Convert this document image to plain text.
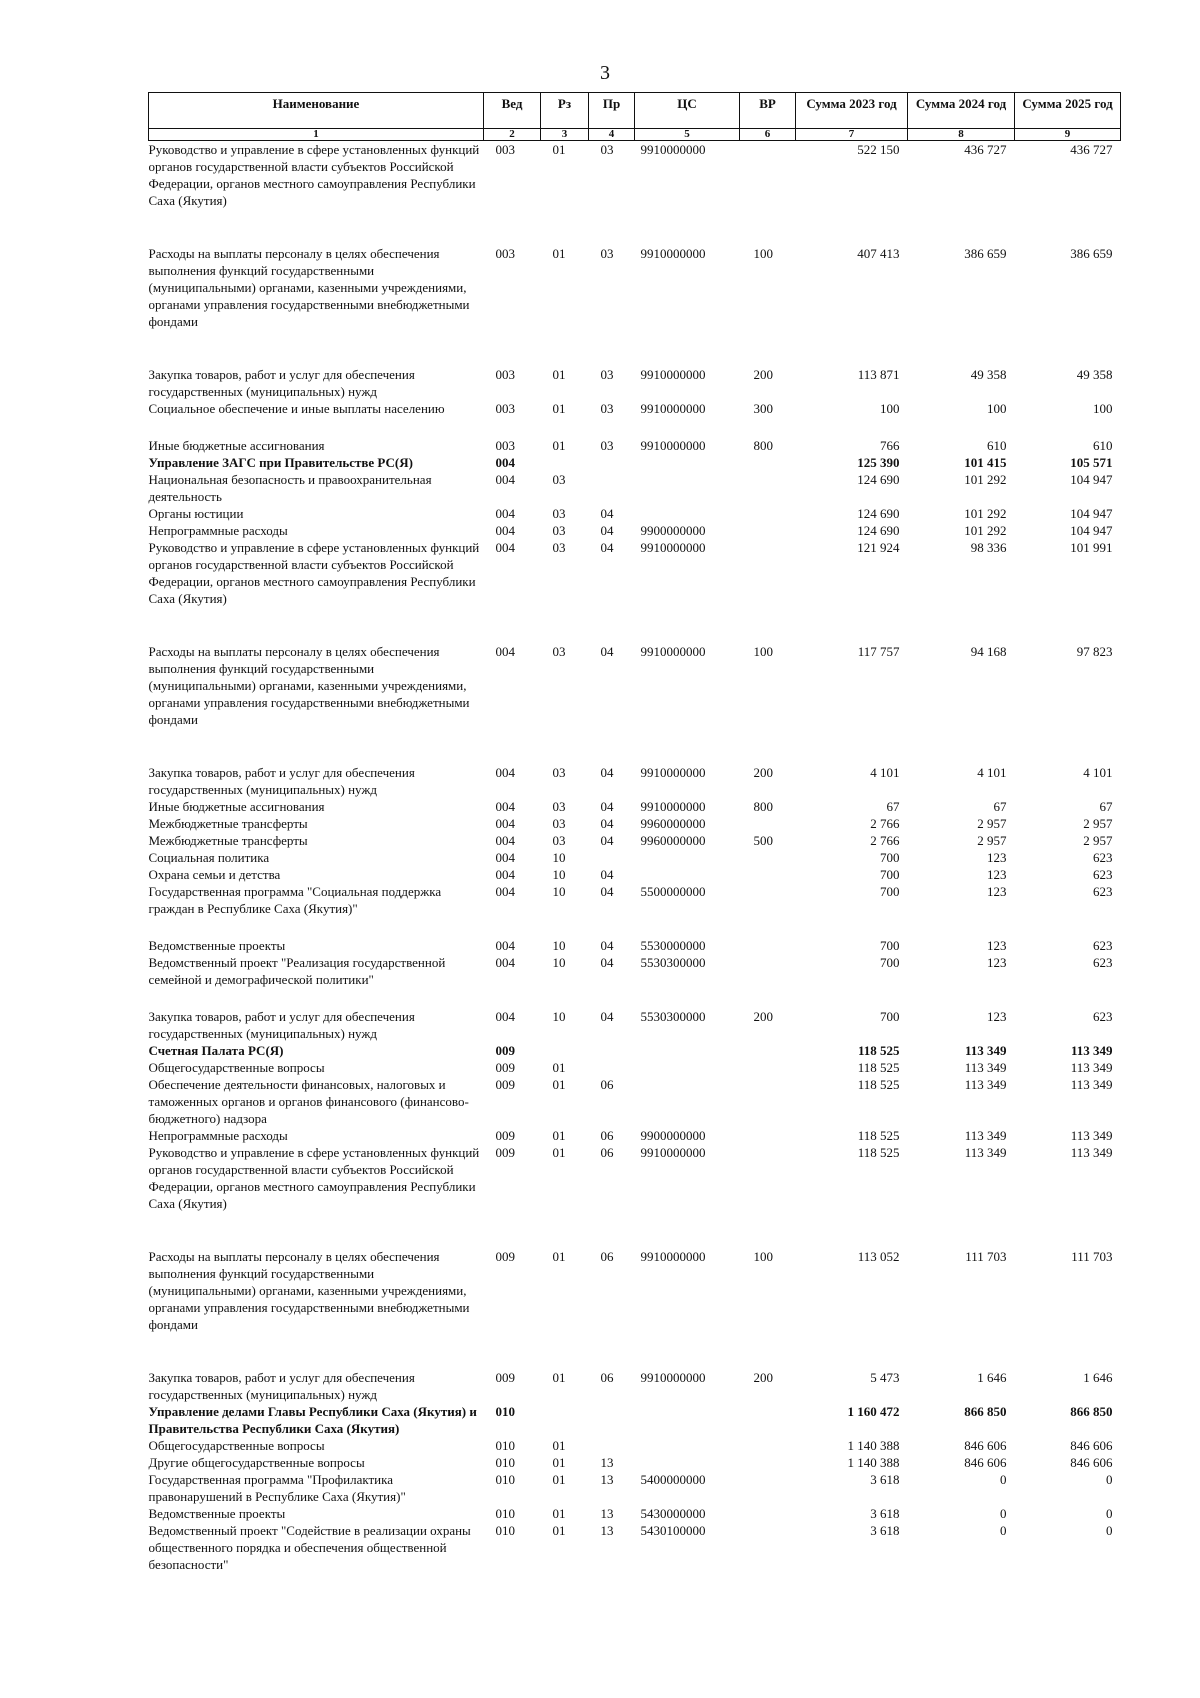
3
Наименование	Вед	Рз	Пр	ЦС	ВР	Сумма 2023 год	Сумма 2024 год	Сумма 2025 год
1	2	3	4	5	6	7	8	9
Руководство и управление в сфере установленных функций органов государственной власти субъектов Российской Федерации, органов местного самоуправления Республики Саха (Якутия)	003	01	03	9910000000		522 150	436 727	436 727
Расходы на выплаты персоналу в целях обеспечения выполнения функций государственными (муниципальными) органами, казенными учреждениями, органами управления государственными внебюджетными фондами	003	01	03	9910000000	100	407 413	386 659	386 659
Закупка товаров, работ и услуг для обеспечения государственных (муниципальных) нужд	003	01	03	9910000000	200	113 871	49 358	49 358
Социальное обеспечение и иные выплаты населению	003	01	03	9910000000	300	100	100	100
Иные бюджетные ассигнования	003	01	03	9910000000	800	766	610	610
Управление ЗАГС при Правительстве РС(Я)	004					125 390	101 415	105 571
Национальная безопасность и правоохранительная деятельность	004	03				124 690	101 292	104 947
Органы юстиции	004	03	04			124 690	101 292	104 947
Непрограммные расходы	004	03	04	9900000000		124 690	101 292	104 947
Руководство и управление в сфере установленных функций органов государственной власти субъектов Российской Федерации, органов местного самоуправления Республики Саха (Якутия)	004	03	04	9910000000		121 924	98 336	101 991
Расходы на выплаты персоналу в целях обеспечения выполнения функций государственными (муниципальными) органами, казенными учреждениями, органами управления государственными внебюджетными фондами	004	03	04	9910000000	100	117 757	94 168	97 823
Закупка товаров, работ и услуг для обеспечения государственных (муниципальных) нужд	004	03	04	9910000000	200	4 101	4 101	4 101
Иные бюджетные ассигнования	004	03	04	9910000000	800	67	67	67
Межбюджетные трансферты	004	03	04	9960000000		2 766	2 957	2 957
Межбюджетные трансферты	004	03	04	9960000000	500	2 766	2 957	2 957
Социальная политика	004	10				700	123	623
Охрана семьи и детства	004	10	04			700	123	623
Государственная программа "Социальная поддержка граждан в Республике Саха (Якутия)"	004	10	04	5500000000		700	123	623
Ведомственные проекты	004	10	04	5530000000		700	123	623
Ведомственный проект "Реализация государственной семейной и демографической политики"	004	10	04	5530300000		700	123	623
Закупка товаров, работ и услуг для обеспечения государственных (муниципальных) нужд	004	10	04	5530300000	200	700	123	623
Счетная Палата РС(Я)	009					118 525	113 349	113 349
Общегосударственные вопросы	009	01				118 525	113 349	113 349
Обеспечение деятельности финансовых, налоговых и таможенных органов и органов финансового (финансово-бюджетного) надзора	009	01	06			118 525	113 349	113 349
Непрограммные расходы	009	01	06	9900000000		118 525	113 349	113 349
Руководство и управление в сфере установленных функций органов государственной власти субъектов Российской Федерации, органов местного самоуправления Республики Саха (Якутия)	009	01	06	9910000000		118 525	113 349	113 349
Расходы на выплаты персоналу в целях обеспечения выполнения функций государственными (муниципальными) органами, казенными учреждениями, органами управления государственными внебюджетными фондами	009	01	06	9910000000	100	113 052	111 703	111 703
Закупка товаров, работ и услуг для обеспечения государственных (муниципальных) нужд	009	01	06	9910000000	200	5 473	1 646	1 646
Управление делами Главы Республики Саха (Якутия) и Правительства Республики Саха (Якутия)	010					1 160 472	866 850	866 850
Общегосударственные вопросы	010	01				1 140 388	846 606	846 606
Другие общегосударственные вопросы	010	01	13			1 140 388	846 606	846 606
Государственная программа "Профилактика правонарушений в Республике Саха (Якутия)"	010	01	13	5400000000		3 618	0	0
Ведомственные проекты	010	01	13	5430000000		3 618	0	0
Ведомственный проект "Содействие в реализации охраны общественного порядка и обеспечения общественной безопасности"	010	01	13	5430100000		3 618	0	0
